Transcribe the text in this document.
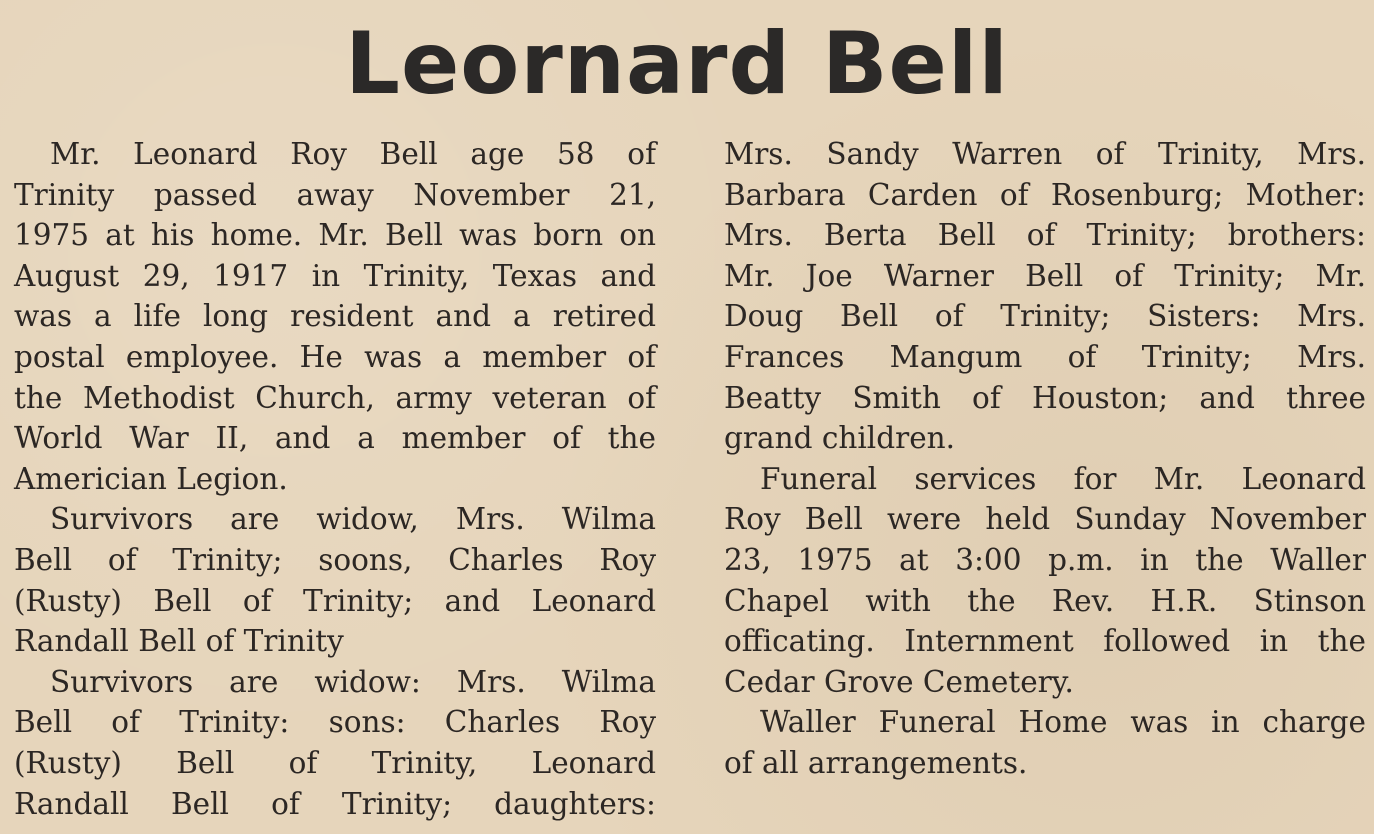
Leornard Bell
Mr. Leonard Roy Bell age 58 of
Trinity passed away November 21,
1975 at his home. Mr. Bell was born on
August 29, 1917 in Trinity, Texas and
was a life long resident and a retired
postal employee. He was a member of
the Methodist Church, army veteran of
World War II, and a member of the
Americian Legion.
Survivors are widow, Mrs. Wilma
Bell of Trinity; soons, Charles Roy
(Rusty) Bell of Trinity; and Leonard
Randall Bell of Trinity
Survivors are widow: Mrs. Wilma
Bell of Trinity: sons: Charles Roy
(Rusty) Bell of Trinity, Leonard
Randall Bell of Trinity; daughters:
Mrs. Sandy Warren of Trinity, Mrs.
Barbara Carden of Rosenburg; Mother:
Mrs. Berta Bell of Trinity; brothers:
Mr. Joe Warner Bell of Trinity; Mr.
Doug Bell of Trinity; Sisters: Mrs.
Frances Mangum of Trinity; Mrs.
Beatty Smith of Houston; and three
grand children.
Funeral services for Mr. Leonard
Roy Bell were held Sunday November
23, 1975 at 3:00 p.m. in the Waller
Chapel with the Rev. H.R. Stinson
officating. Internment followed in the
Cedar Grove Cemetery.
Waller Funeral Home was in charge
of all arrangements.
